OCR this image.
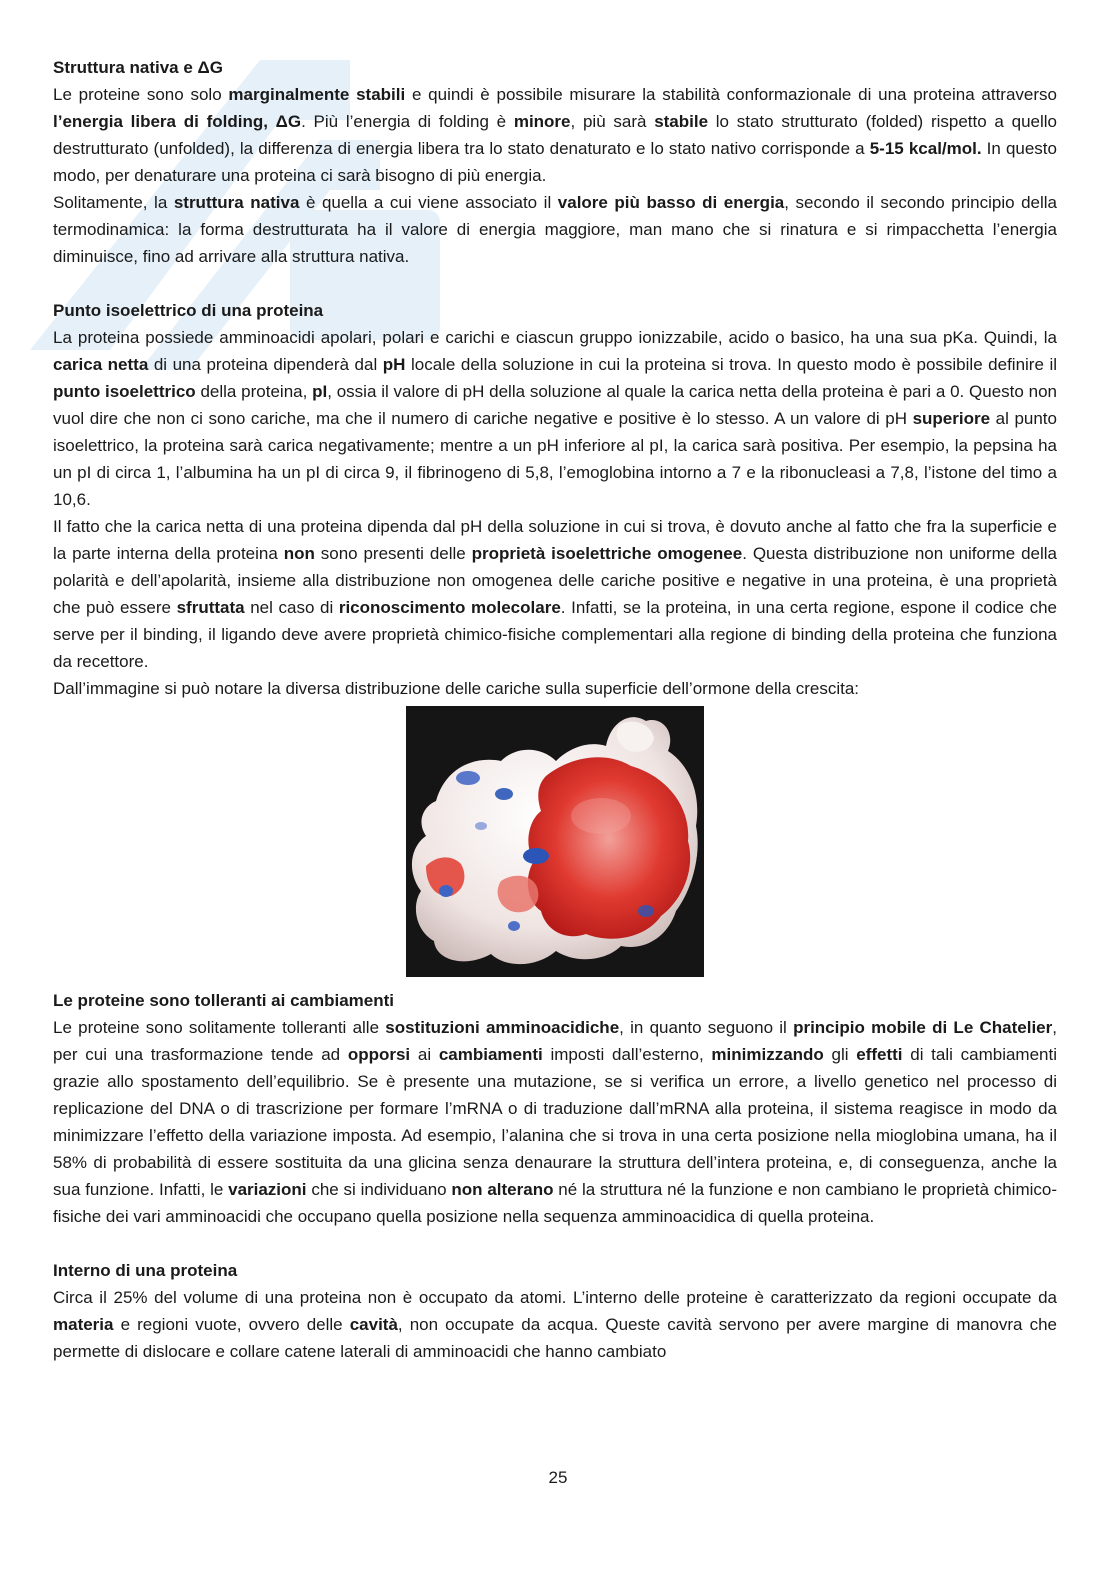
Struttura nativa e ΔG

Le proteine sono solo marginalmente stabili e quindi è possibile misurare la stabilità conformazionale di una proteina attraverso l’energia libera di folding, ΔG. Più l’energia di folding è minore, più sarà stabile lo stato strutturato (folded) rispetto a quello destrutturato (unfolded), la differenza di energia libera tra lo stato denaturato e lo stato nativo corrisponde a 5-15 kcal/mol. In questo modo, per denaturare una proteina ci sarà bisogno di più energia.

Solitamente, la struttura nativa è quella a cui viene associato il valore più basso di energia, secondo il secondo principio della termodinamica: la forma destrutturata ha il valore di energia maggiore, man mano che si rinatura e si rimpacchetta l’energia diminuisce, fino ad arrivare alla struttura nativa.

Punto isoelettrico di una proteina

La proteina possiede amminoacidi apolari, polari e carichi e ciascun gruppo ionizzabile, acido o basico, ha una sua pKa. Quindi, la carica netta di una proteina dipenderà dal pH locale della soluzione in cui la proteina si trova. In questo modo è possibile definire il punto isoelettrico della proteina, pI, ossia il valore di pH della soluzione al quale la carica netta della proteina è pari a 0. Questo non vuol dire che non ci sono cariche, ma che il numero di cariche negative e positive è lo stesso. A un valore di pH superiore al punto isoelettrico, la proteina sarà carica negativamente; mentre a un pH inferiore al pI, la carica sarà positiva. Per esempio, la pepsina ha un pI di circa 1, l’albumina ha un pI di circa 9, il fibrinogeno di 5,8, l’emoglobina intorno a 7 e la ribonucleasi a 7,8, l’istone del timo a 10,6.

Il fatto che la carica netta di una proteina dipenda dal pH della soluzione in cui si trova, è dovuto anche al fatto che fra la superficie e la parte interna della proteina non sono presenti delle proprietà isoelettriche omogenee. Questa distribuzione non uniforme della polarità e dell’apolarità, insieme alla distribuzione non omogenea delle cariche positive e negative in una proteina, è una proprietà che può essere sfruttata nel caso di riconoscimento molecolare. Infatti, se la proteina, in una certa regione, espone il codice che serve per il binding, il ligando deve avere proprietà chimico-fisiche complementari alla regione di binding della proteina che funziona da recettore.

Dall’immagine si può notare la diversa distribuzione delle cariche sulla superficie dell’ormone della crescita:

Le proteine sono tolleranti ai cambiamenti

Le proteine sono solitamente tolleranti alle sostituzioni amminoacidiche, in quanto seguono il principio mobile di Le Chatelier, per cui una trasformazione tende ad opporsi ai cambiamenti imposti dall’esterno, minimizzando gli effetti di tali cambiamenti grazie allo spostamento dell’equilibrio. Se è presente una mutazione, se si verifica un errore, a livello genetico nel processo di replicazione del DNA o di trascrizione per formare l’mRNA o di traduzione dall’mRNA alla proteina, il sistema reagisce in modo da minimizzare l’effetto della variazione imposta. Ad esempio, l’alanina che si trova in una certa posizione nella mioglobina umana, ha il 58% di probabilità di essere sostituita da una glicina senza denaurare la struttura dell’intera proteina, e, di conseguenza, anche la sua funzione. Infatti, le variazioni che si individuano non alterano né la struttura né la funzione e non cambiano le proprietà chimico-fisiche dei vari amminoacidi che occupano quella posizione nella sequenza amminoacidica di quella proteina.

Interno di una proteina

Circa il 25% del volume di una proteina non è occupato da atomi. L’interno delle proteine è caratterizzato da regioni occupate da materia e regioni vuote, ovvero delle cavità, non occupate da acqua. Queste cavità servono per avere margine di manovra che permette di dislocare e collare catene laterali di amminoacidi che hanno cambiato

25
